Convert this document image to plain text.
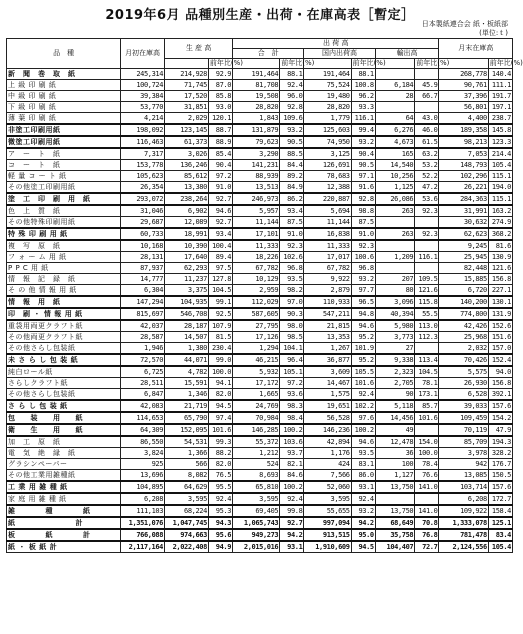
2019年6月 品種別生産・出荷・在庫高表［暫定］
日本製紙連合会 紙・板紙部
(単位:ｔ)
品　種	月初在庫高	生 産 高		出 荷 高						月末在庫高	
				合　計		国内出荷高		輸出高			
			前年比(%)		前年比(%)		前年比(%)		前年比(%)		前年比(%)
新　聞　巻　取　紙	245,314	214,928	92.9	191,464	88.1	191,464	88.1			268,778	140.4
上 級 印 刷 紙	100,724	71,745	87.0	81,708	92.4	75,524	100.8	6,184	45.9	90,761	111.1
中 級 印 刷 紙	39,384	17,520	85.8	19,508	96.0	19,480	96.2	28	66.7	37,396	191.7
下 級 印 刷 紙	53,770	31,851	93.0	28,820	92.8	28,820	93.3			56,801	197.1
薄 葉 印 刷 紙	4,214	2,029	120.1	1,843	109.6	1,779	116.1	64	43.0	4,400	238.7
非塗工印刷用紙	198,092	123,145	88.7	131,879	93.2	125,603	99.4	6,276	46.0	189,358	145.8
微塗工印刷用紙	116,463	61,373	88.9	79,623	90.5	74,950	93.2	4,673	61.5	98,213	123.3
ア　ー　ト　紙	7,317	3,026	85.4	3,290	88.5	3,125	90.4	165	63.2	7,053	214.4
コ　ー　ト　紙	153,778	136,246	90.4	141,231	84.4	126,691	90.5	14,540	53.2	148,793	105.4
軽 量 コ ー ト 紙	105,623	85,612	97.2	88,939	89.2	78,683	97.1	10,256	52.2	102,296	115.1
その他塗工印刷用紙	26,354	13,380	91.0	13,513	84.9	12,388	91.6	1,125	47.2	26,221	194.0
塗　工　印　刷　用　紙	293,072	238,264	92.7	246,973	86.2	220,887	92.8	26,086	53.6	284,363	115.1
色　上　質　紙	31,046	6,902	94.6	5,957	93.4	5,694	98.8	263	92.3	31,991	163.2
その他特殊印刷用紙	29,687	12,089	92.7	11,144	87.5	11,144	87.5			30,632	274.9
特 殊 印 刷 用 紙	60,733	18,991	93.4	17,101	91.0	16,838	91.0	263	92.3	62,623	368.2
複　写　原　紙	10,168	10,390	100.4	11,333	92.3	11,333	92.3			9,245	81.6
フ ォ ー ム 用 紙	28,131	17,640	89.4	18,226	102.6	17,017	100.6	1,209	116.1	25,945	130.9
P P C 用 紙	87,937	62,293	97.5	67,782	96.8	67,782	96.8			82,448	121.6
情　報　記　録　紙	14,777	11,237	127.8	10,129	93.5	9,922	93.2	207	109.5	15,885	156.8
そ の 他 情 報 用 紙	6,304	3,375	104.5	2,959	98.2	2,879	97.7	80	121.6	6,720	227.1
情　報　用　紙	147,294	104,935	99.1	112,029	97.0	110,933	96.5	3,096	115.8	140,200	130.1
印　刷 ・ 情 報 用 紙	815,697	546,708	92.5	587,605	90.3	547,211	94.8	40,394	55.5	774,800	131.9
重袋用両更クラフト紙	42,037	28,187	107.9	27,795	98.0	21,815	94.6	5,980	113.0	42,426	152.6
その他両更クラフト紙	28,587	14,507	81.5	17,126	98.5	13,353	95.2	3,773	112.3	25,968	151.6
その他さらし包装紙	1,946	1,380	230.4	1,294	104.1	1,267	101.9	27		2,032	157.0
未 さ ら し 包 装 紙	72,570	44,071	99.0	46,215	96.4	36,877	95.2	9,338	113.4	70,426	152.4
純白ロール紙	6,725	4,782	100.0	5,932	105.1	3,609	105.5	2,323	104.5	5,575	94.0
さらしクラフト紙	28,511	15,591	94.1	17,172	97.2	14,467	101.6	2,705	78.1	26,930	156.8
その他さらし包装紙	6,847	1,346	82.0	1,665	93.6	1,575	92.4	90	173.1	6,528	392.1
さ ら し 包 装 紙	42,083	21,719	94.5	24,769	98.3	19,651	102.2	5,118	85.7	39,033	157.6
包　　装　　用　　紙	114,653	65,790	97.4	70,984	98.4	56,528	97.6	14,456	101.6	109,459	154.2
衛　　生　　用　　紙	64,309	152,095	101.6	146,285	100.2	146,236	100.2	49		70,119	47.9
加　工　原　紙	86,550	54,531	99.3	55,372	103.6	42,894	94.6	12,478	154.0	85,709	194.3
電　気　絶　縁　紙	3,824	1,366	88.2	1,212	93.7	1,176	93.5	36	100.0	3,978	328.2
グラシンペーパー	925	566	82.0	524	82.1	424	83.1	100	78.4	942	176.7
その他工業用雑種紙	13,696	8,082	76.5	8,693	84.6	7,566	86.0	1,127	76.6	13,085	150.5
工 業 用 雑 種 紙	104,895	64,629	95.5	65,810	100.2	52,060	93.1	13,750	141.0	103,714	157.6
家 庭 用 雑 種 紙	6,208	3,595	92.4	3,595	92.4	3,595	92.4			6,208	172.7
雑　　　　種　　　　紙	111,103	68,224	95.3	69,405	99.8	55,655	93.2	13,750	141.0	109,922	158.4
紙　　　　　　　　計	1,351,076	1,047,745	94.3	1,065,743	92.7	997,094	94.2	68,649	70.8	1,333,078	125.1
板　　　　紙　　　　計	766,088	974,663	95.6	949,273	94.2	913,515	95.0	35,758	76.8	781,478	83.4
紙 ・ 板 紙 計	2,117,164	2,022,408	94.9	2,015,016	93.1	1,910,609	94.5	104,407	72.7	2,124,556	105.4
